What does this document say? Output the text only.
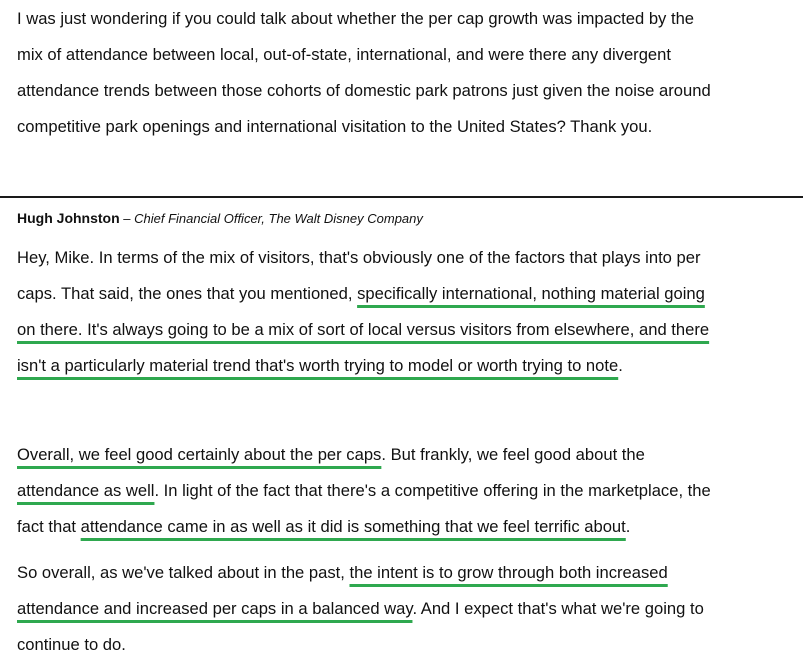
I was just wondering if you could talk about whether the per cap growth was impacted by the
mix of attendance between local, out-of-state, international, and were there any divergent
attendance trends between those cohorts of domestic park patrons just given the noise around
competitive park openings and international visitation to the United States? Thank you.
Hugh Johnston – Chief Financial Officer, The Walt Disney Company
Hey, Mike. In terms of the mix of visitors, that's obviously one of the factors that plays into per
caps. That said, the ones that you mentioned, specifically international, nothing material going
on there. It's always going to be a mix of sort of local versus visitors from elsewhere, and there
isn't a particularly material trend that's worth trying to model or worth trying to note.
Overall, we feel good certainly about the per caps. But frankly, we feel good about the
attendance as well. In light of the fact that there's a competitive offering in the marketplace, the
fact that attendance came in as well as it did is something that we feel terrific about.
So overall, as we've talked about in the past, the intent is to grow through both increased
attendance and increased per caps in a balanced way. And I expect that's what we're going to
continue to do.
